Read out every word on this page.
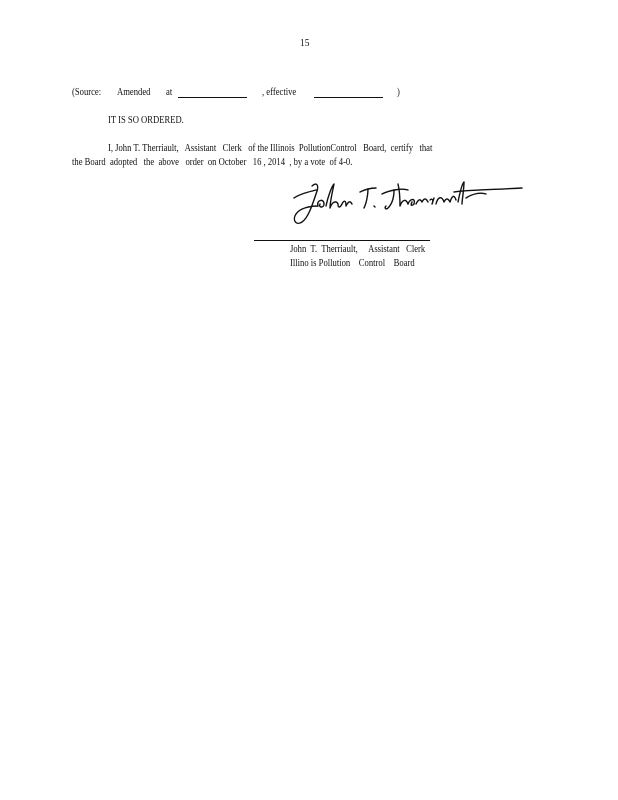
15
(Source: Amended at	, effective	)
IT IS SO ORDERED.
I, John T. Therriault,   Assistant   Clerk   of the Illinois  PollutionControl   Board,  certify   that
the Board  adopted   the  above   order  on October   16 , 2014  , by a vote  of 4-0.
John  T.  Therriault,     Assistant   Clerk
Illino is Pollution    Control    Board
